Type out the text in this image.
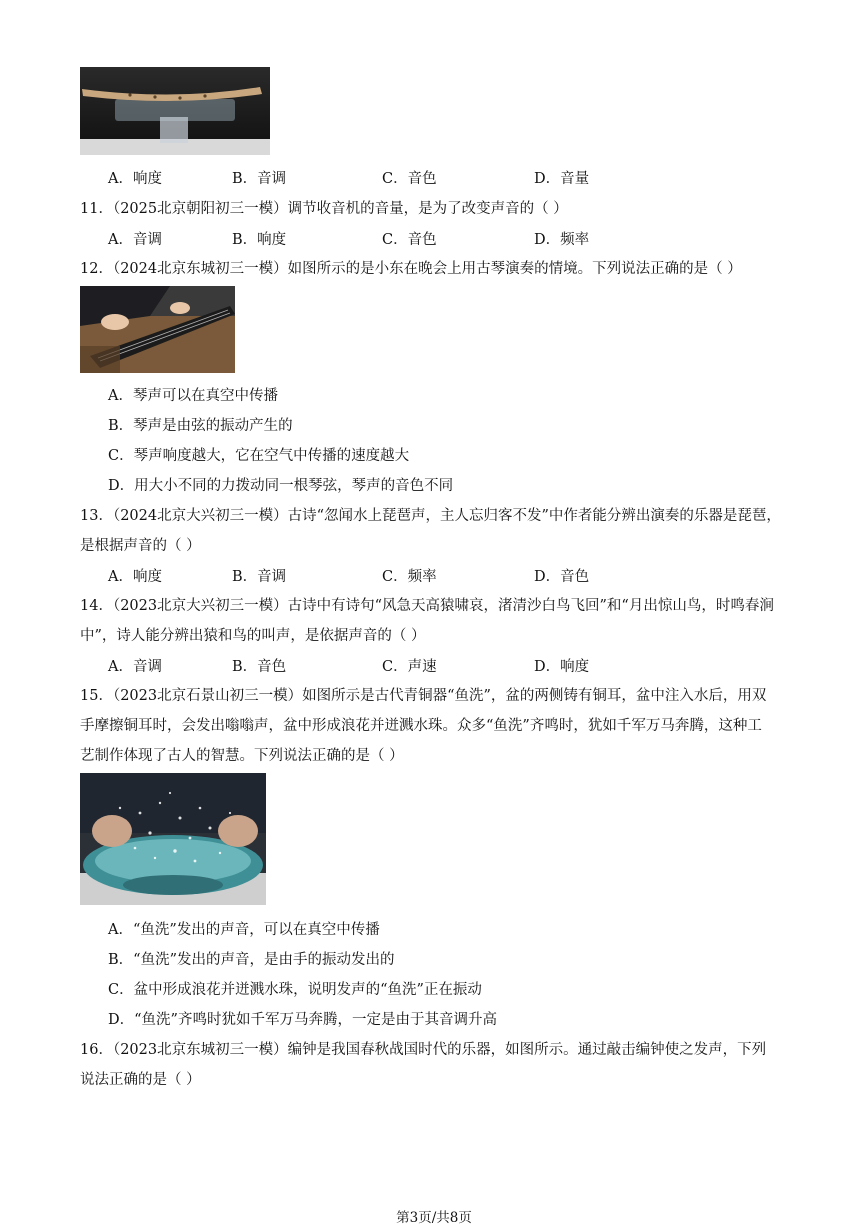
A．响度	B．音调	C．音色	D．音量
11．（2025北京朝阳初三一模）调节收音机的音量，是为了改变声音的（ ）
A．音调	B．响度	C．音色	D．频率
12．（2024北京东城初三一模）如图所示的是小东在晚会上用古琴演奏的情境。下列说法正确的是（ ）
A．琴声可以在真空中传播
B．琴声是由弦的振动产生的
C．琴声响度越大，它在空气中传播的速度越大
D．用大小不同的力拨动同一根琴弦，琴声的音色不同
13．（2024北京大兴初三一模）古诗“忽闻水上琵琶声，主人忘归客不发”中作者能分辨出演奏的乐器是琵琶，
是根据声音的（ ）
A．响度	B．音调	C．频率	D．音色
14．（2023北京大兴初三一模）古诗中有诗句“风急天高猿啸哀，渚清沙白鸟飞回”和“月出惊山鸟，时鸣春涧
中”，诗人能分辨出猿和鸟的叫声，是依据声音的（ ）
A．音调	B．音色	C．声速	D．响度
15．（2023北京石景山初三一模）如图所示是古代青铜器“鱼洗”，盆的两侧铸有铜耳，盆中注入水后，用双
手摩擦铜耳时，会发出嗡嗡声，盆中形成浪花并迸溅水珠。众多“鱼洗”齐鸣时，犹如千军万马奔腾，这种工
艺制作体现了古人的智慧。下列说法正确的是（ ）
A．“鱼洗”发出的声音，可以在真空中传播
B．“鱼洗”发出的声音，是由手的振动发出的
C．盆中形成浪花并迸溅水珠，说明发声的“鱼洗”正在振动
D．“鱼洗”齐鸣时犹如千军万马奔腾，一定是由于其音调升高
16．（2023北京东城初三一模）编钟是我国春秋战国时代的乐器，如图所示。通过敲击编钟使之发声，下列
说法正确的是（ ）
第3页/共8页
